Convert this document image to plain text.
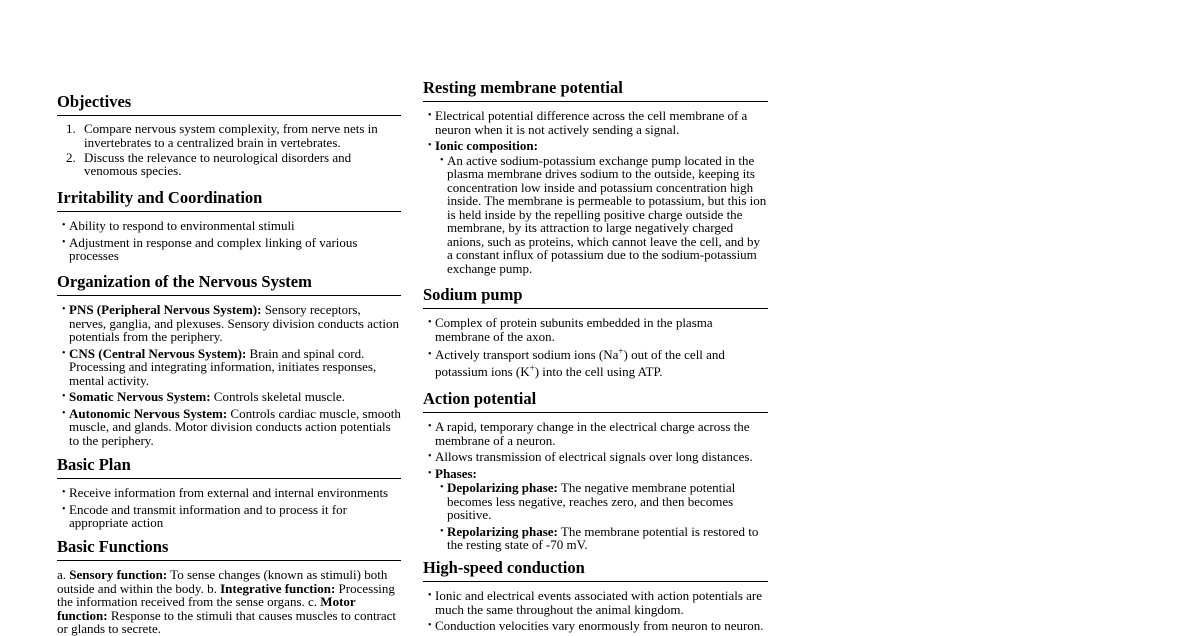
Objectives
1. Compare nervous system complexity, from nerve nets in invertebrates to a centralized brain in vertebrates.
2. Discuss the relevance to neurological disorders and venomous species.
Irritability and Coordination
• Ability to respond to environmental stimuli
• Adjustment in response and complex linking of various processes
Organization of the Nervous System
• PNS (Peripheral Nervous System): Sensory receptors, nerves, ganglia, and plexuses. Sensory division conducts action potentials from the periphery.
• CNS (Central Nervous System): Brain and spinal cord. Processing and integrating information, initiates responses, mental activity.
• Somatic Nervous System: Controls skeletal muscle.
• Autonomic Nervous System: Controls cardiac muscle, smooth muscle, and glands. Motor division conducts action potentials to the periphery.
Basic Plan
• Receive information from external and internal environments
• Encode and transmit information and to process it for appropriate action
Basic Functions

a. Sensory function: To sense changes (known as stimuli) both outside and within the body. b. Integrative function: Processing the information received from the sense organs. c. Motor function: Response to the stimuli that causes muscles to contract or glands to secrete.

Resting membrane potential
• Electrical potential difference across the cell membrane of a neuron when it is not actively sending a signal.
• Ionic composition:
• An active sodium-potassium exchange pump located in the plasma membrane drives sodium to the outside, keeping its concentration low inside and potassium concentration high inside. The membrane is permeable to potassium, but this ion is held inside by the repelling positive charge outside the membrane, by its attraction to large negatively charged anions, such as proteins, which cannot leave the cell, and by a constant influx of potassium due to the sodium-potassium exchange pump.
Sodium pump
• Complex of protein subunits embedded in the plasma membrane of the axon.
• Actively transport sodium ions (Na+) out of the cell and potassium ions (K+) into the cell using ATP.
Action potential
• A rapid, temporary change in the electrical charge across the membrane of a neuron.
• Allows transmission of electrical signals over long distances.
• Phases:
• Depolarizing phase: The negative membrane potential becomes less negative, reaches zero, and then becomes positive.
• Repolarizing phase: The membrane potential is restored to the resting state of -70 mV.
High-speed conduction
• Ionic and electrical events associated with action potentials are much the same throughout the animal kingdom.
• Conduction velocities vary enormously from neuron to neuron.
